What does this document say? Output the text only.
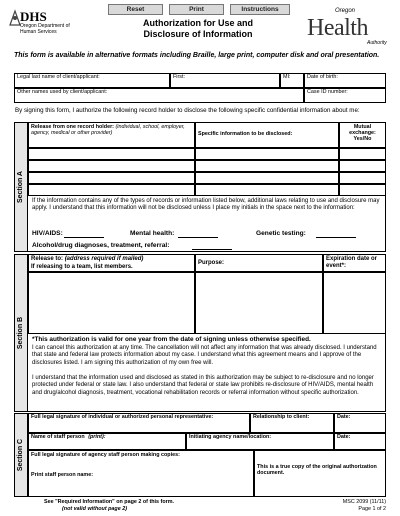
Reset	Print	Instructions
DHS
Oregon Department of Human Services
Authorization for Use and Disclosure of Information
Oregon
Health
Authority
This form is available in alternative formats including Braille, large print, computer disk and oral presentation.
Legal last name of client/applicant:	First:	MI:	Date of birth:
Other names used by client/applicant:	Case ID number:
By signing this form, I authorize the following record holder to disclose the following specific confidential information about me:
Section A
Release from one record holder: (individual, school, employer, agency, medical or other provider)	Specific information to be disclosed:
Mutual exchange: Yes/No
If the information contains any of the types of records or information listed below, additional laws relating to use and disclosure may apply. I understand that this information will not be disclosed unless I place my initials in the space next to the information:
HIV/AIDS:	Mental health:	Genetic testing:
Alcohol/drug diagnoses, treatment, referral:
Section B
Release to: (address required if mailed)
If releasing to a team, list members.
Purpose:
Expiration date or event*:
*This authorization is valid for one year from the date of signing unless otherwise specified.
I can cancel this authorization at any time. The cancellation will not affect any information that was already disclosed. I understand that state and federal law protects information about my case. I understand what this agreement means and I approve of the disclosures listed. I am signing this authorization of my own free will.
I understand that the information used and disclosed as stated in this authorization may be subject to re-disclosure and no longer protected under federal or state law. I also understand that federal or state law prohibits re-disclosure of HIV/AIDS, mental health and drug/alcohol diagnosis, treatment, vocational rehabilitation records or referral information without specific authorization.
Section C
Full legal signature of individual or authorized personal representative:	Relationship to client:	Date:
Name of staff person (print):	Initiating agency name/location:	Date:
Full legal signature of agency staff person making copies:
Print staff person name:
This is a true copy of the original authorization document.
See "Required Information" on page 2 of this form.
(not valid without page 2)
MSC 2099 (11/11)
Page 1 of 2
